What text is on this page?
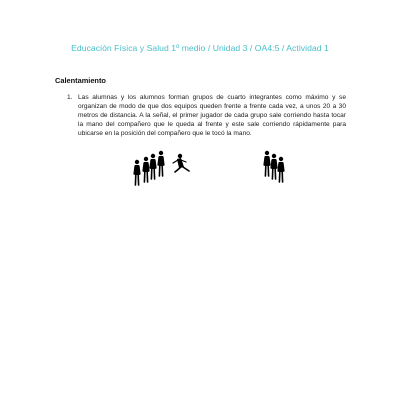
Educación Física y Salud 1º medio / Unidad 3 / OA4:5 / Actividad 1
Calentamiento
1. Las alumnas y los alumnos forman grupos de cuarto integrantes como máximo y se organizan de modo de que dos equipos queden frente a frente cada vez, a unos 20 a 30 metros de distancia. A la señal, el primer jugador de cada grupo sale corriendo hasta tocar la mano del compañero que le queda al frente y este sale corriendo rápidamente para ubicarse en la posición del compañero que le tocó la mano.
